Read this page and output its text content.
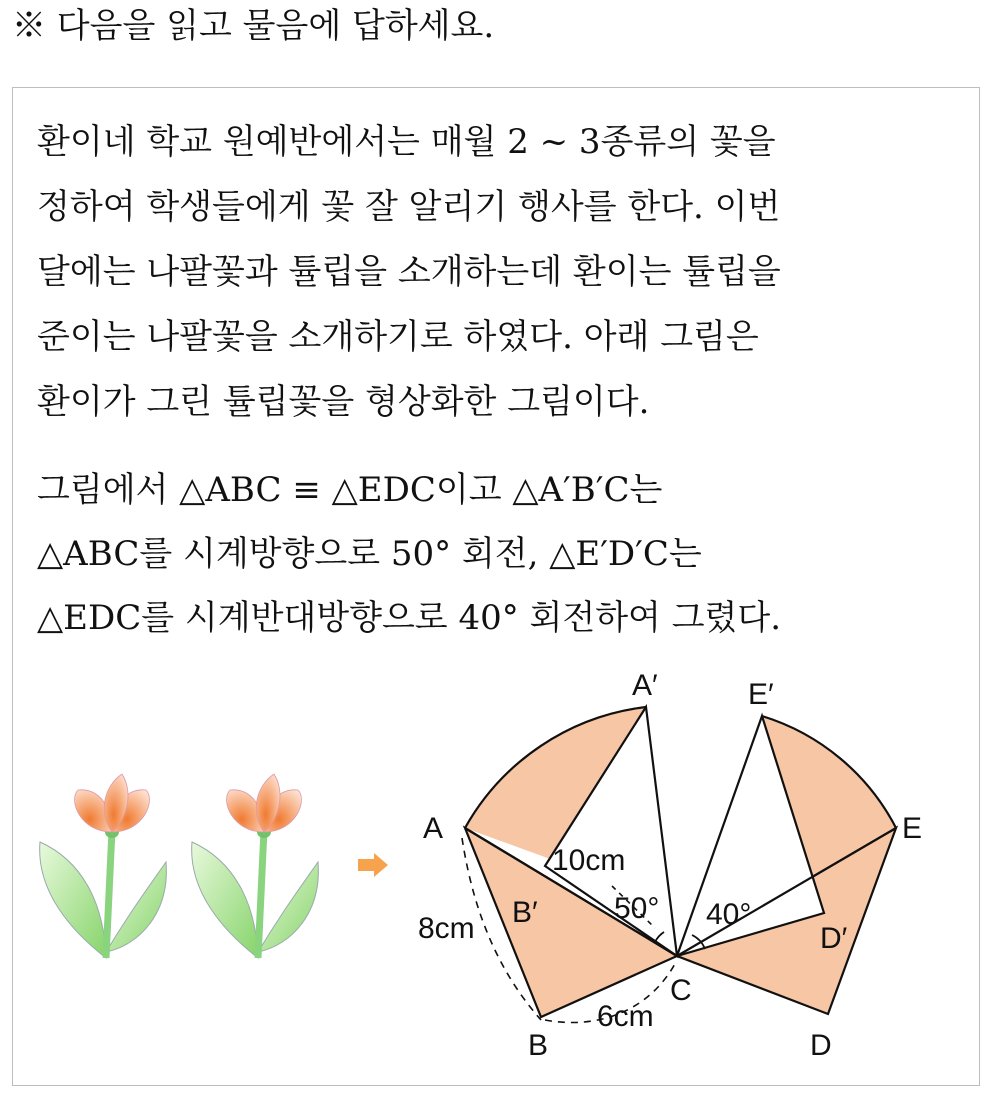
※ 다음을 읽고 물음에 답하세요.
환이네 학교 원예반에서는 매월 2 ~ 3종류의 꽃을
정하여 학생들에게 꽃 잘 알리기 행사를 한다. 이번
달에는 나팔꽃과 튤립을 소개하는데 환이는 튤립을
준이는 나팔꽃을 소개하기로 하였다. 아래 그림은
환이가 그린 튤립꽃을 형상화한 그림이다.
그림에서 △ABC ≡ △EDC이고 △A′B′C는
△ABC를 시계방향으로 50° 회전, △E′D′C는
△EDC를 시계반대방향으로 40° 회전하여 그렸다.
A′	E′
A	E
B′
D′
C
B	D
8cm
6cm
10cm
50° 40°
